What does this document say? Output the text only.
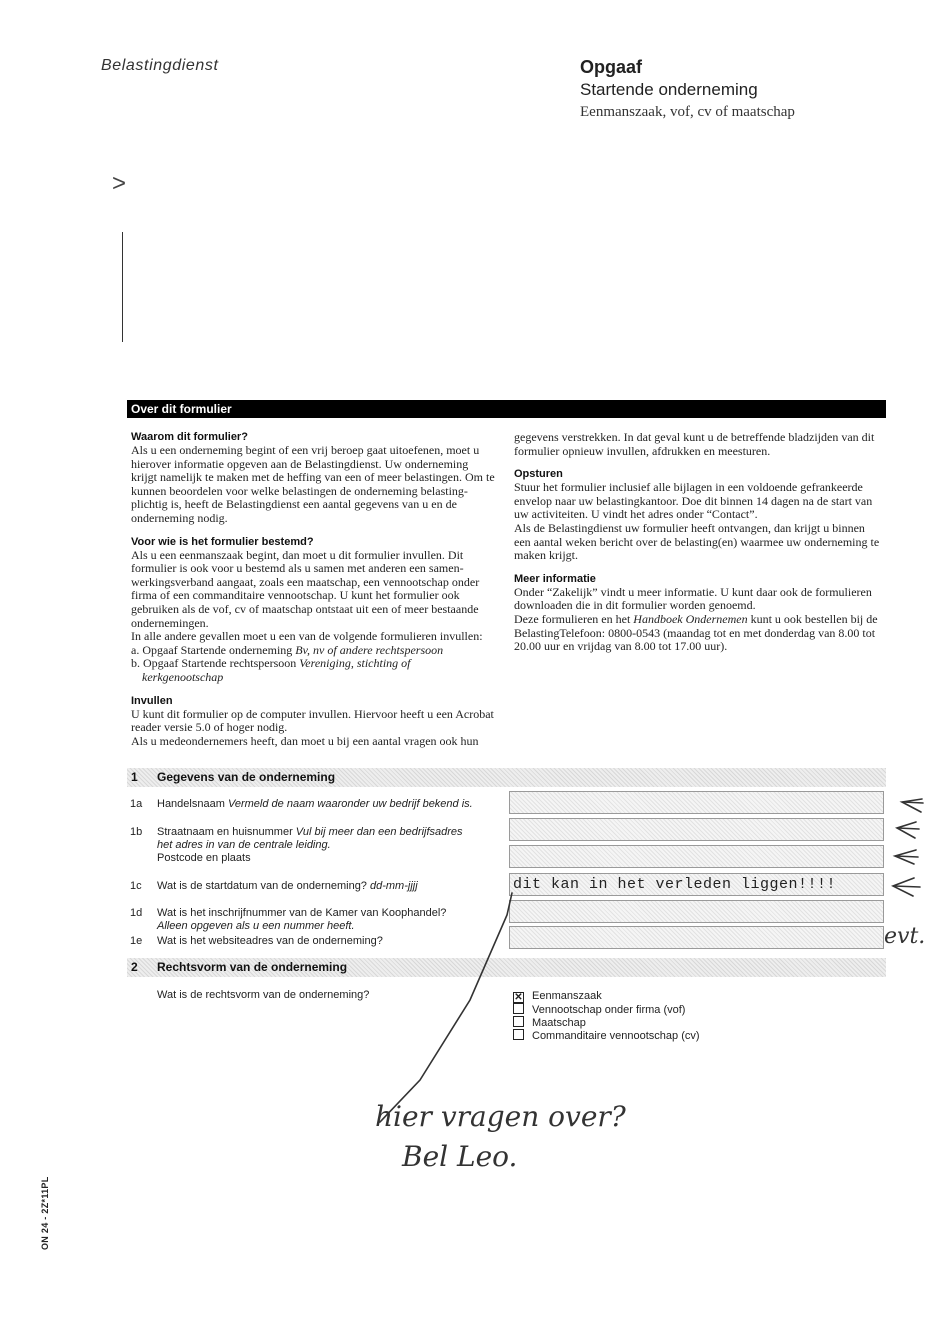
Belastingdienst	Opgaaf
Startende onderneming
Eenmanszaak, vof, cv of maatschap
>
Over dit formulier
Waarom dit formulier?

Als u een onderneming begint of een vrij beroep gaat uitoefenen, moet u hierover informatie opgeven aan de Belastingdienst. Uw onderneming krijgt namelijk te maken met de heffing van een of meer belastingen. Om te kunnen beoordelen voor welke belastingen de onderneming belasting-plichtig is, heeft de Belastingdienst een aantal gegevens van u en de onderneming nodig.

Voor wie is het formulier bestemd?

Als u een eenmanszaak begint, dan moet u dit formulier invullen. Dit formulier is ook voor u bestemd als u samen met anderen een samen-werkingsverband aangaat, zoals een maatschap, een vennootschap onder firma of een commanditaire vennootschap. U kunt het formulier ook gebruiken als de vof, cv of maatschap ontstaat uit een of meer bestaande ondernemingen.

In alle andere gevallen moet u een van de volgende formulieren invullen:

a. Opgaaf Startende onderneming Bv, nv of andere rechtspersoon

b. Opgaaf Startende rechtspersoon Vereniging, stichting of

kerkgenootschap

Invullen

U kunt dit formulier op de computer invullen. Hiervoor heeft u een Acrobat reader versie 5.0 of hoger nodig.

Als u medeondernemers heeft, dan moet u bij een aantal vragen ook hun

gegevens verstrekken. In dat geval kunt u de betreffende bladzijden van dit formulier opnieuw invullen, afdrukken en meesturen.

Opsturen

Stuur het formulier inclusief alle bijlagen in een voldoende gefrankeerde envelop naar uw belastingkantoor. Doe dit binnen 14 dagen na de start van uw activiteiten. U vindt het adres onder “Contact”.

Als de Belastingdienst uw formulier heeft ontvangen, dan krijgt u binnen een aantal weken bericht over de belasting(en) waarmee uw onderneming te maken krijgt.

Meer informatie

Onder “Zakelijk” vindt u meer informatie. U kunt daar ook de formulieren downloaden die in dit formulier worden genoemd.

Deze formulieren en het Handboek Ondernemen kunt u ook bestellen bij de BelastingTelefoon: 0800-0543 (maandag tot en met donderdag van 8.00 tot 20.00 uur en vrijdag van 8.00 tot 17.00 uur).

1 Gegevens van de onderneming
1a Handelsnaam Vermeld de naam waaronder uw bedrijf bekend is.
1b Straatnaam en huisnummer Vul bij meer dan een bedrijfsadres
het adres in van de centrale leiding.
Postcode en plaats
1c Wat is de startdatum van de onderneming? dd-mm-jjjj	dit kan in het verleden liggen!!!!
1d Wat is het inschrijfnummer van de Kamer van Koophandel?
Alleen opgeven als u een nummer heeft.
1e Wat is het websiteadres van de onderneming?
2 Rechtsvorm van de onderneming
Wat is de rechtsvorm van de onderneming?	✕ Eenmanszaak
Vennootschap onder firma (vof)
Maatschap
Commanditaire vennootschap (cv)
evt.
hier vragen over?
Bel Leo.
ON 24 - 2Z*11PL
